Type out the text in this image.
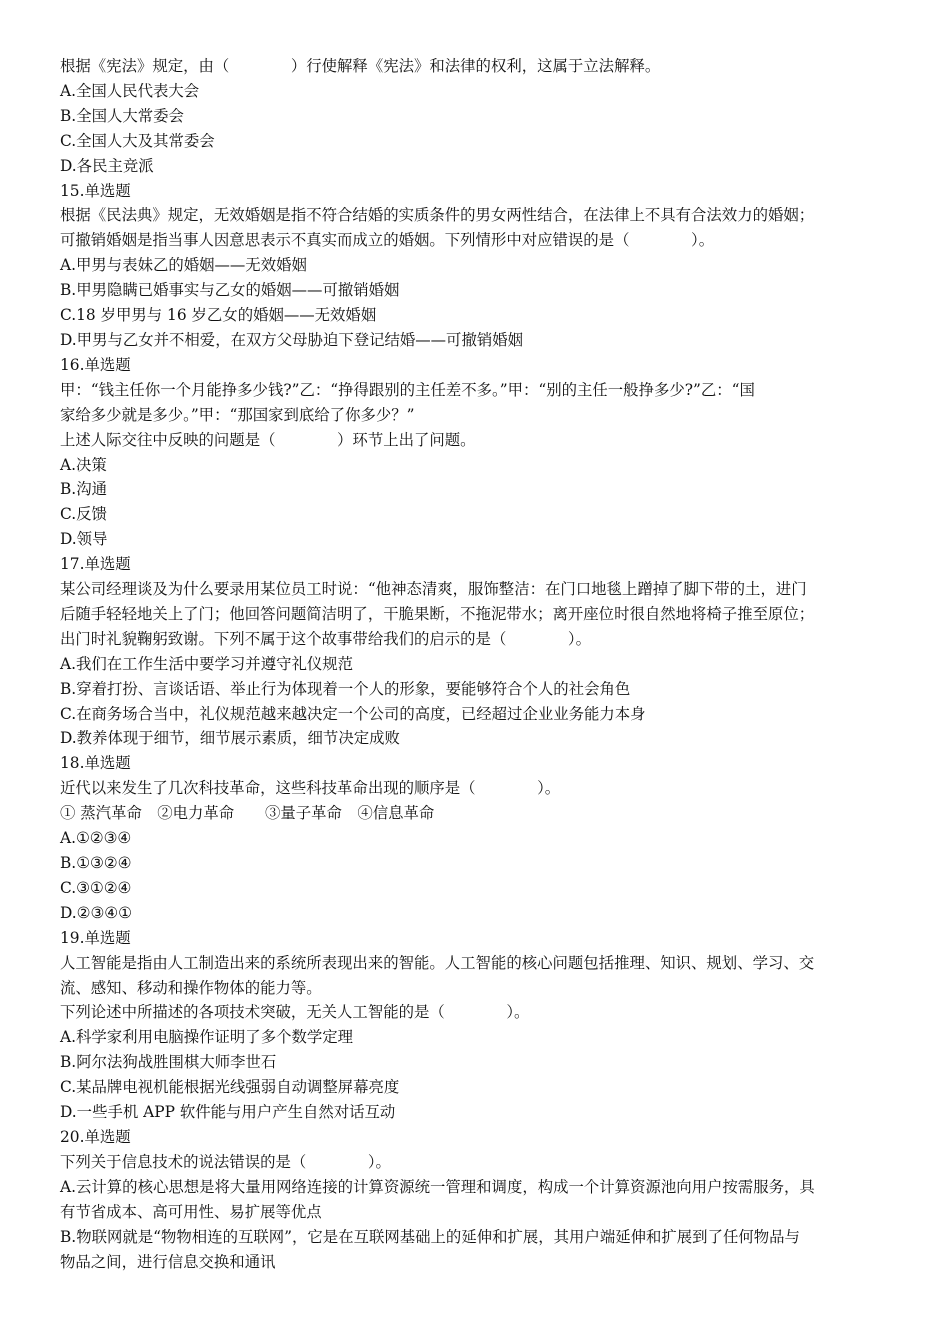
根据《宪法》规定，由（　　　　）行使解释《宪法》和法律的权利，这属于立法解释。

A.全国人民代表大会

B.全国人大常委会

C.全国人大及其常委会

D.各民主竞派

15.单选题

根据《民法典》规定，无效婚姻是指不符合结婚的实质条件的男女两性结合，在法律上不具有合法效力的婚姻；

可撤销婚姻是指当事人因意思表示不真实而成立的婚姻。下列情形中对应错误的是（　　　　）。

A.甲男与表妹乙的婚姻——无效婚姻

B.甲男隐瞒已婚事实与乙女的婚姻——可撤销婚姻

C.18 岁甲男与 16 岁乙女的婚姻——无效婚姻

D.甲男与乙女并不相爱，在双方父母胁迫下登记结婚——可撤销婚姻

16.单选题

甲：“钱主任你一个月能挣多少钱?”乙：“挣得跟别的主任差不多。”甲：“别的主任一般挣多少?”乙：“国

家给多少就是多少。”甲：“那国家到底给了你多少？”

上述人际交往中反映的问题是（　　　　）环节上出了问题。

A.决策

B.沟通

C.反馈

D.领导

17.单选题

某公司经理谈及为什么要录用某位员工时说：“他神态清爽，服饰整洁：在门口地毯上蹭掉了脚下带的土，进门

后随手轻轻地关上了门；他回答问题简洁明了，干脆果断，不拖泥带水；离开座位时很自然地将椅子推至原位；

出门时礼貌鞠躬致谢。下列不属于这个故事带给我们的启示的是（　　　　）。

A.我们在工作生活中要学习并遵守礼仪规范

B.穿着打扮、言谈话语、举止行为体现着一个人的形象，要能够符合个人的社会角色

C.在商务场合当中，礼仪规范越来越决定一个公司的高度，已经超过企业业务能力本身

D.教养体现于细节，细节展示素质，细节决定成败

18.单选题

近代以来发生了几次科技革命，这些科技革命出现的顺序是（　　　　）。

① 蒸汽革命　②电力革命　　③量子革命　④信息革命

A.①②③④

B.①③②④

C.③①②④

D.②③④①

19.单选题

人工智能是指由人工制造出来的系统所表现出来的智能。人工智能的核心问题包括推理、知识、规划、学习、交

流、感知、移动和操作物体的能力等。

下列论述中所描述的各项技术突破，无关人工智能的是（　　　　）。

A.科学家利用电脑操作证明了多个数学定理

B.阿尔法狗战胜围棋大师李世石

C.某品牌电视机能根据光线强弱自动调整屏幕亮度

D.一些手机 APP 软件能与用户产生自然对话互动

20.单选题

下列关于信息技术的说法错误的是（　　　　）。

A.云计算的核心思想是将大量用网络连接的计算资源统一管理和调度，构成一个计算资源池向用户按需服务，具

有节省成本、高可用性、易扩展等优点

B.物联网就是“物物相连的互联网”，它是在互联网基础上的延伸和扩展，其用户端延伸和扩展到了任何物品与

物品之间，进行信息交换和通讯
